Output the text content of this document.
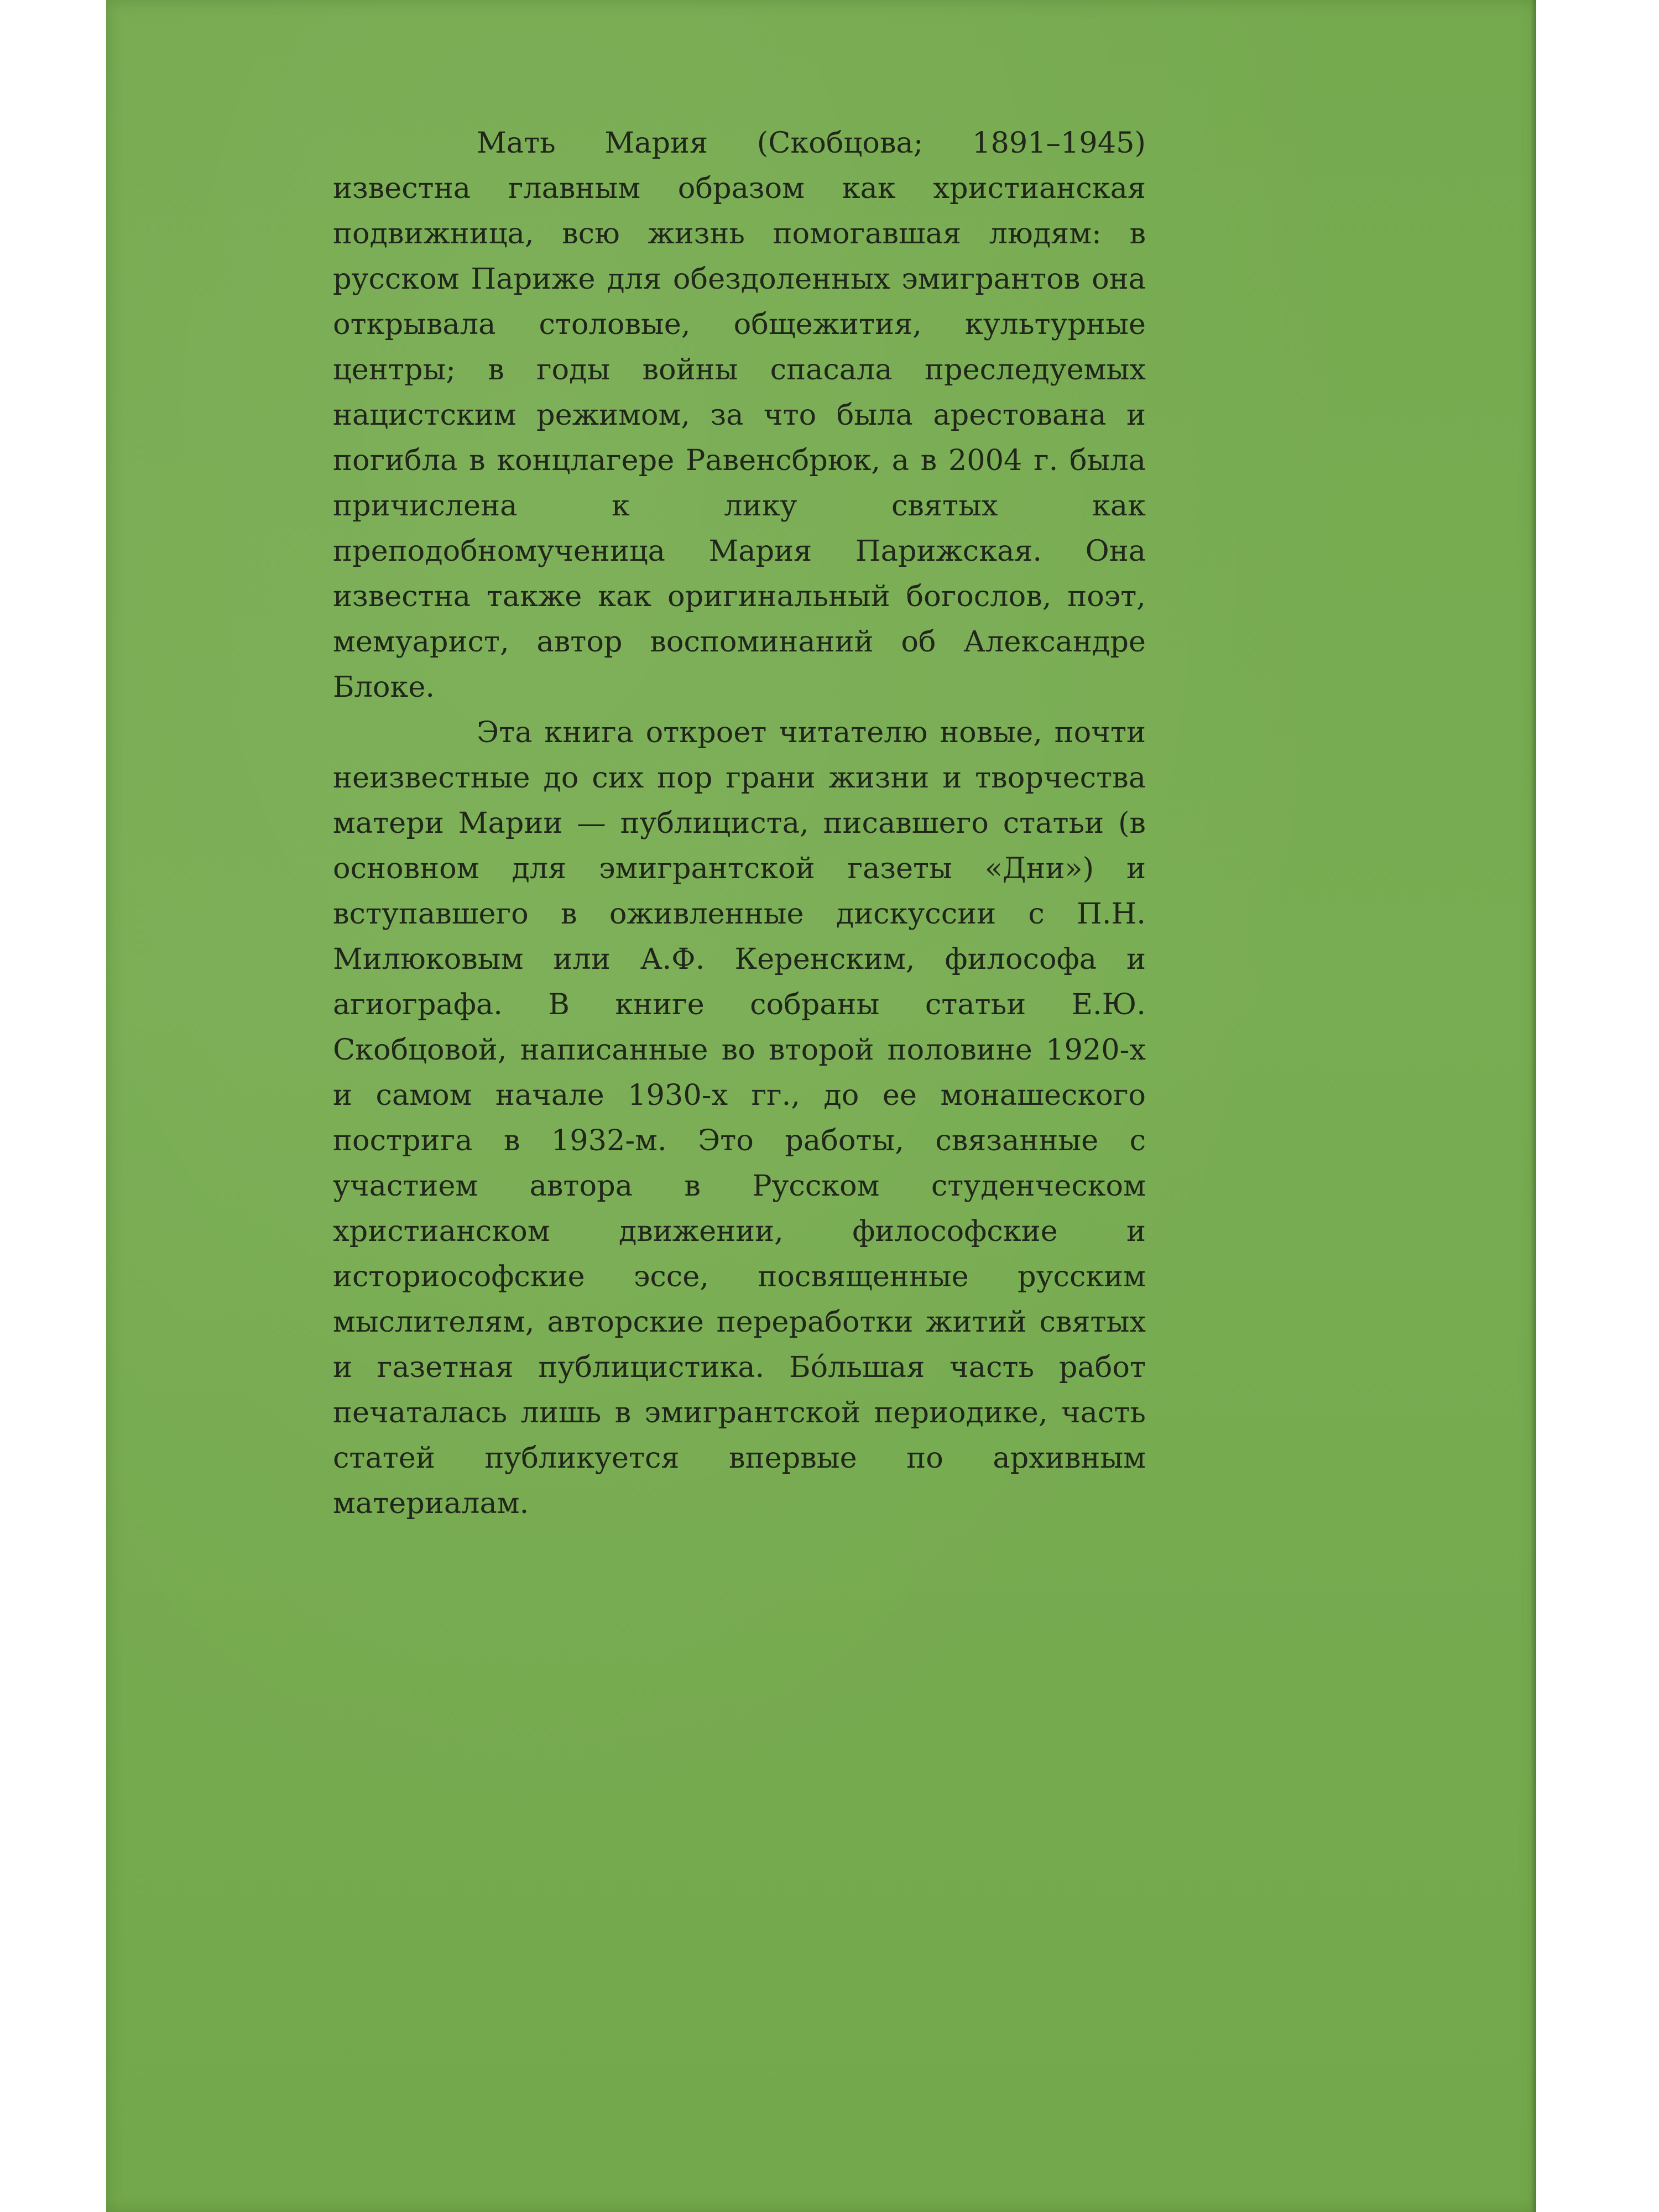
Мать Мария (Скобцова; 1891–1945) известна главным образом как христианская подвижница, всю жизнь помогавшая людям: в русском Париже для обездоленных эмигрантов она открывала столовые, общежития, культурные центры; в годы войны спасала преследуемых нацистским режимом, за что была арестована и погибла в концлагере Равенсбрюк, а в 2004 г. была причислена к лику святых как преподобномученица Мария Парижская. Она известна также как оригинальный богослов, поэт, мемуарист, автор воспоминаний об Александре Блоке.

Эта книга откроет читателю новые, почти неизвестные до сих пор грани жизни и творчества матери Марии — публициста, писавшего статьи (в основном для эмигрантской газеты «Дни») и вступавшего в оживленные дискуссии с П.Н. Милюковым или А.Ф. Керенским, философа и агиографа. В книге собраны статьи Е.Ю. Скобцовой, написанные во второй половине 1920-х и самом начале 1930-х гг., до ее монашеского пострига в 1932-м. Это работы, связанные с участием автора в Русском студенческом христианском движении, философские и историософские эссе, посвященные русским мыслителям, авторские переработки житий святых и газетная публицистика. Бóльшая часть работ печаталась лишь в эмигрантской периодике, часть статей публикуется впервые по архивным материалам.
